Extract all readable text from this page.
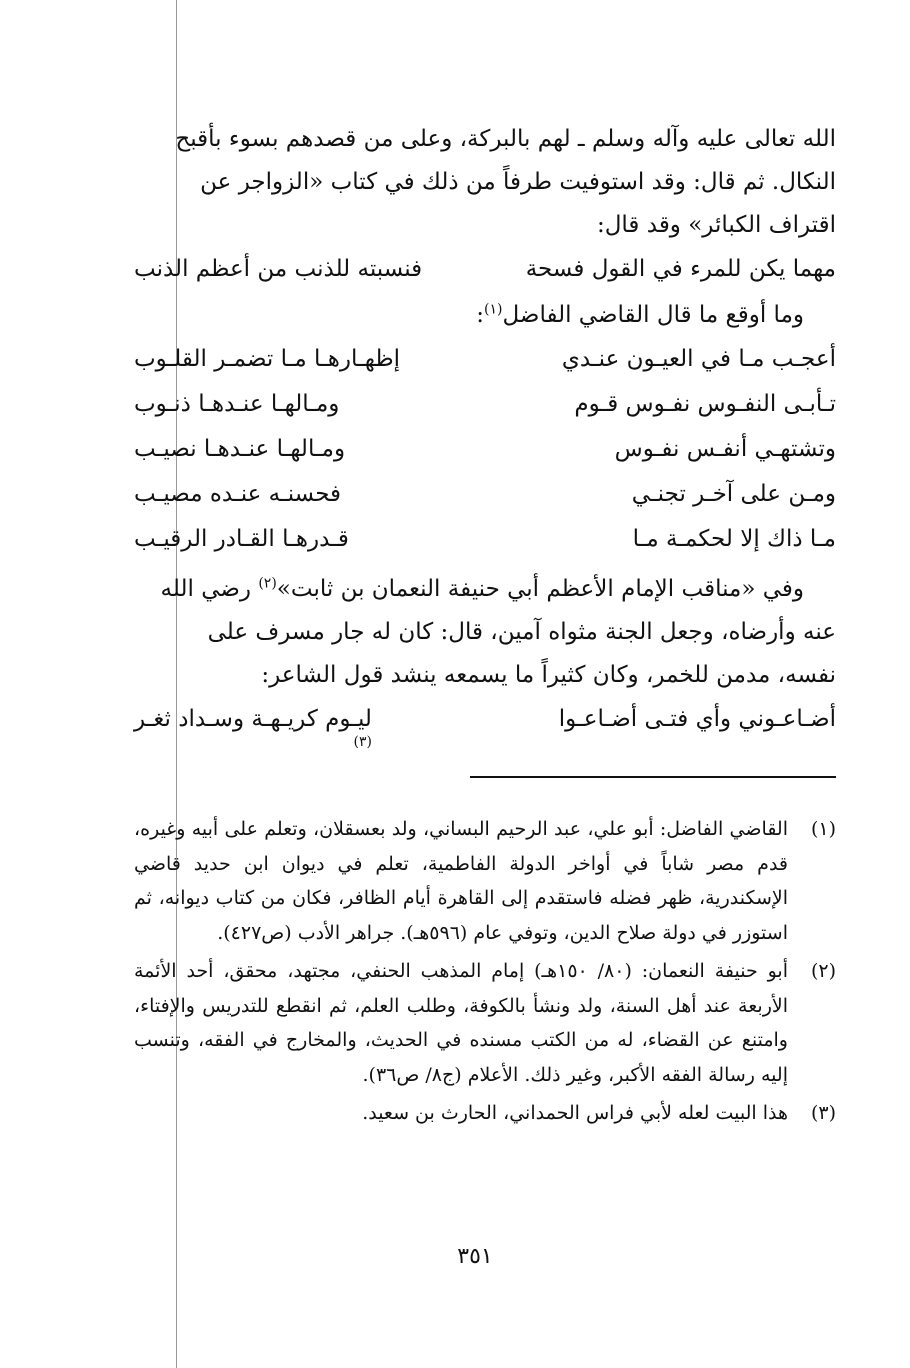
الله تعالى عليه وآله وسلم ـ لهم بالبركة، وعلى من قصدهم بسوء بأقبح

النكال. ثم قال: وقد استوفيت طرفاً من ذلك في كتاب «الزواجر عن

اقتراف الكبائر» وقد قال:

مهما يكن للمرء في القول فسحة
فنسبته للذنب من أعظم الذنب

وما أوقع ما قال القاضي الفاضل$^{(١)}$:

أعجـب مـا في العيـون عنـدي
إظهـارهـا مـا تضمـر القلـوب
تـأبـى النفـوس نفـوس قـوم
ومـالهـا عنـدهـا ذنـوب
وتشتهـي أنفـس نفـوس
ومـالهـا عنـدهـا نصيـب
ومـن على آخـر تجنـي
فحسنـه عنـده مصيـب
مـا ذاك إلا لحكمـة مـا
قـدرهـا القـادر الرقيـب

وفي «مناقب الإمام الأعظم أبي حنيفة النعمان بن ثابت»$^{(٢)}$ رضي الله

عنه وأرضاه، وجعل الجنة مثواه آمين، قال: كان له جار مسرف على

نفسه، مدمن للخمر، وكان كثيراً ما يسمعه ينشد قول الشاعر:

أضـاعـوني وأي فتـى أضـاعـوا
ليـوم كريـهـة وسـداد ثغـر
(٣)
(١)
القاضي الفاضل: أبو علي، عبد الرحيم البساني، ولد بعسقلان، وتعلم على أبيه وغيره، قدم مصر شاباً في أواخر الدولة الفاطمية، تعلم في ديوان ابن حديد قاضي الإسكندرية، ظهر فضله فاستقدم إلى القاهرة أيام الظافر، فكان من كتاب ديوانه، ثم استوزر في دولة صلاح الدين، وتوفي عام (٥٩٦هـ). جراهر الأدب (ص٤٢٧).
(٢)
أبو حنيفة النعمان: (٨٠/ ١٥٠هـ) إمام المذهب الحنفي، مجتهد، محقق، أحد الأئمة الأربعة عند أهل السنة، ولد ونشأ بالكوفة، وطلب العلم، ثم انقطع للتدريس والإفتاء، وامتنع عن القضاء، له من الكتب مسنده في الحديث، والمخارج في الفقه، وتنسب إليه رسالة الفقه الأكبر، وغير ذلك. الأعلام (ج٨/ ص٣٦).
(٣)
هذا البيت لعله لأبي فراس الحمداني، الحارث بن سعيد.
٣٥١
